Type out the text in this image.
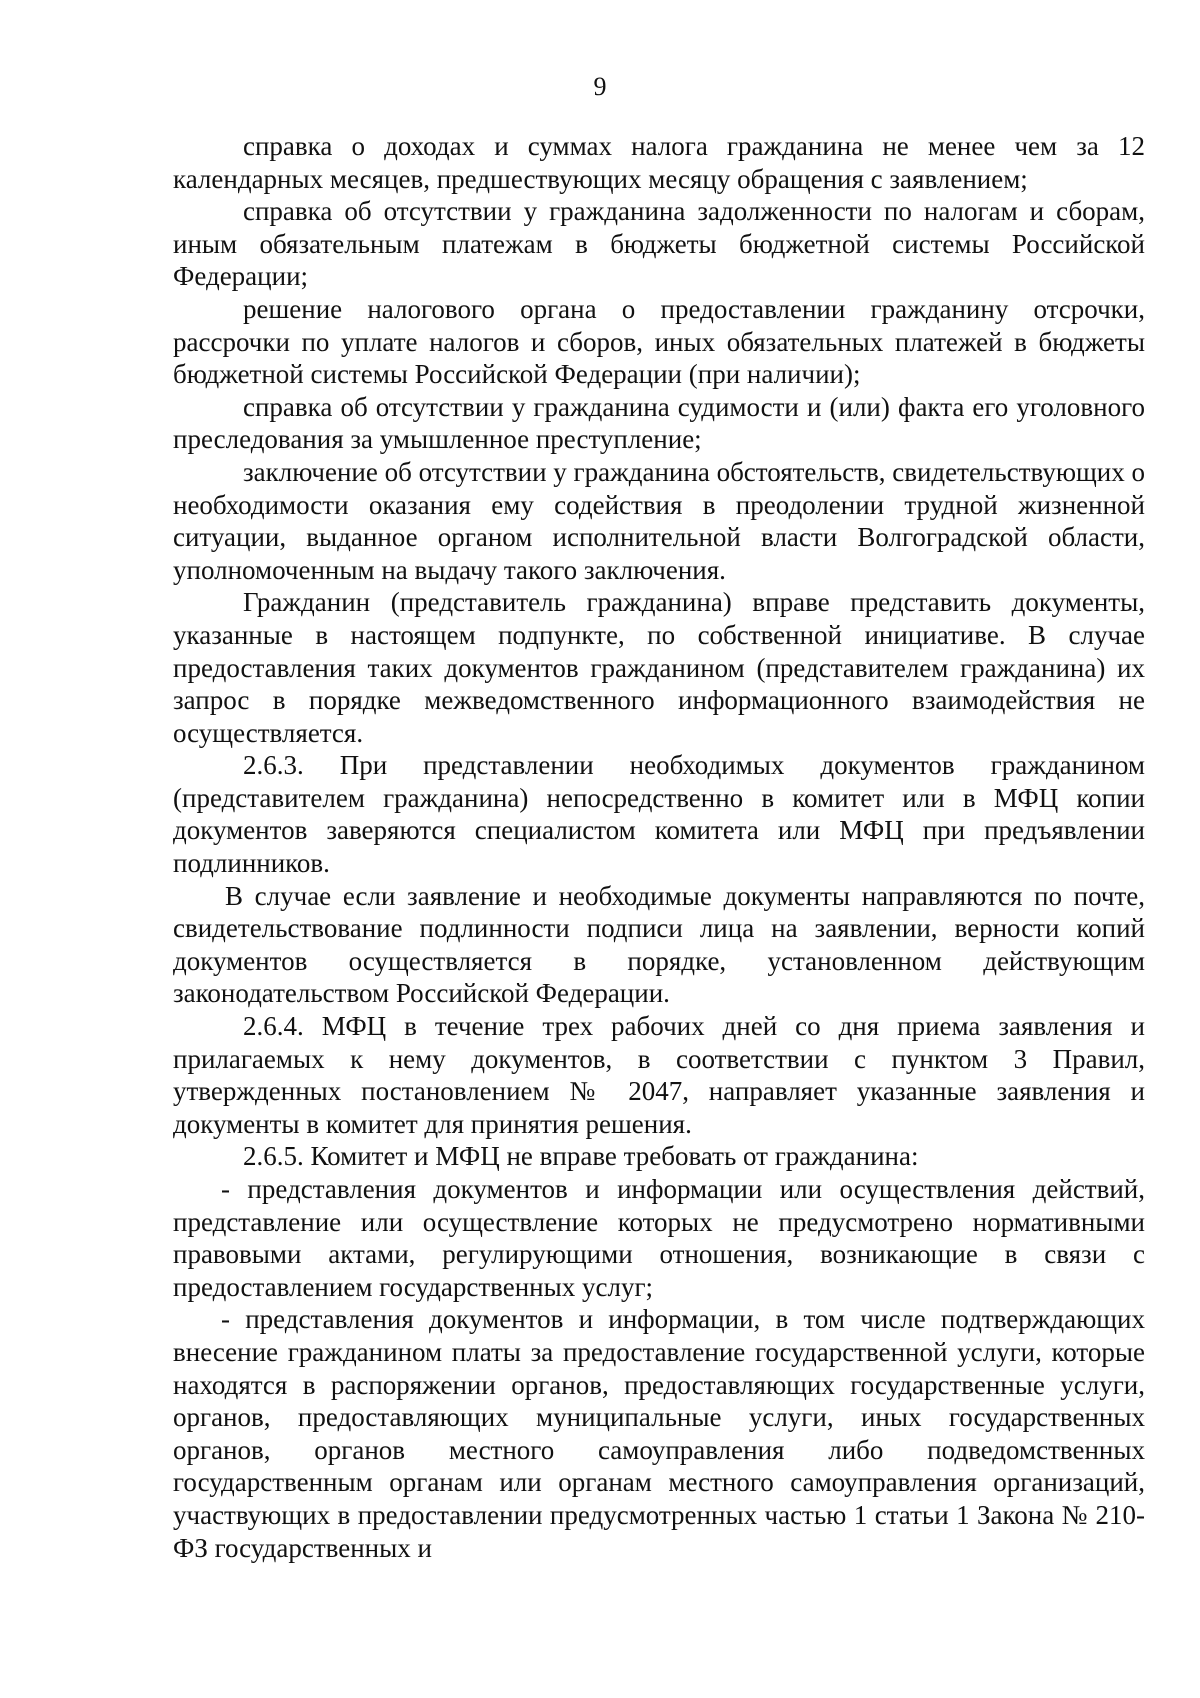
9

справка о доходах и суммах налога гражданина не менее чем за 12 календарных месяцев, предшествующих месяцу обращения с заявлением;

справка об отсутствии у гражданина задолженности по налогам и сборам, иным обязательным платежам в бюджеты бюджетной системы Российской Федерации;

решение налогового органа о предоставлении гражданину отсрочки, рассрочки по уплате налогов и сборов, иных обязательных платежей в бюджеты бюджетной системы Российской Федерации (при наличии);

справка об отсутствии у гражданина судимости и (или) факта его уголовного преследования за умышленное преступление;

заключение об отсутствии у гражданина обстоятельств, свидетельствующих о необходимости оказания ему содействия в преодолении трудной жизненной ситуации, выданное органом исполнительной власти Волгоградской области, уполномоченным на выдачу такого заключения.

Гражданин (представитель гражданина) вправе представить документы, указанные в настоящем подпункте, по собственной инициативе. В случае предоставления таких документов гражданином (представителем гражданина) их запрос в порядке межведомственного информационного взаимодействия не осуществляется.

2.6.3. При представлении необходимых документов гражданином (представителем гражданина) непосредственно в комитет или в МФЦ копии документов заверяются специалистом комитета или МФЦ при предъявлении подлинников.

В случае если заявление и необходимые документы направляются по почте, свидетельствование подлинности подписи лица на заявлении, верности копий документов осуществляется в порядке, установленном действующим законодательством Российской Федерации.

2.6.4. МФЦ в течение трех рабочих дней со дня приема заявления и прилагаемых к нему документов, в соответствии с пунктом 3 Правил, утвержденных постановлением № 2047, направляет указанные заявления и документы в комитет для принятия решения.

2.6.5. Комитет и МФЦ не вправе требовать от гражданина:

- представления документов и информации или осуществления действий, представление или осуществление которых не предусмотрено нормативными правовыми актами, регулирующими отношения, возникающие в связи с предоставлением государственных услуг;

- представления документов и информации, в том числе подтверждающих внесение гражданином платы за предоставление государственной услуги, которые находятся в распоряжении органов, предоставляющих государственные услуги, органов, предоставляющих муниципальные услуги, иных государственных органов, органов местного самоуправления либо подведомственных государственным органам или органам местного самоуправления организаций, участвующих в предоставлении предусмотренных частью 1 статьи 1 Закона № 210-ФЗ государственных и
